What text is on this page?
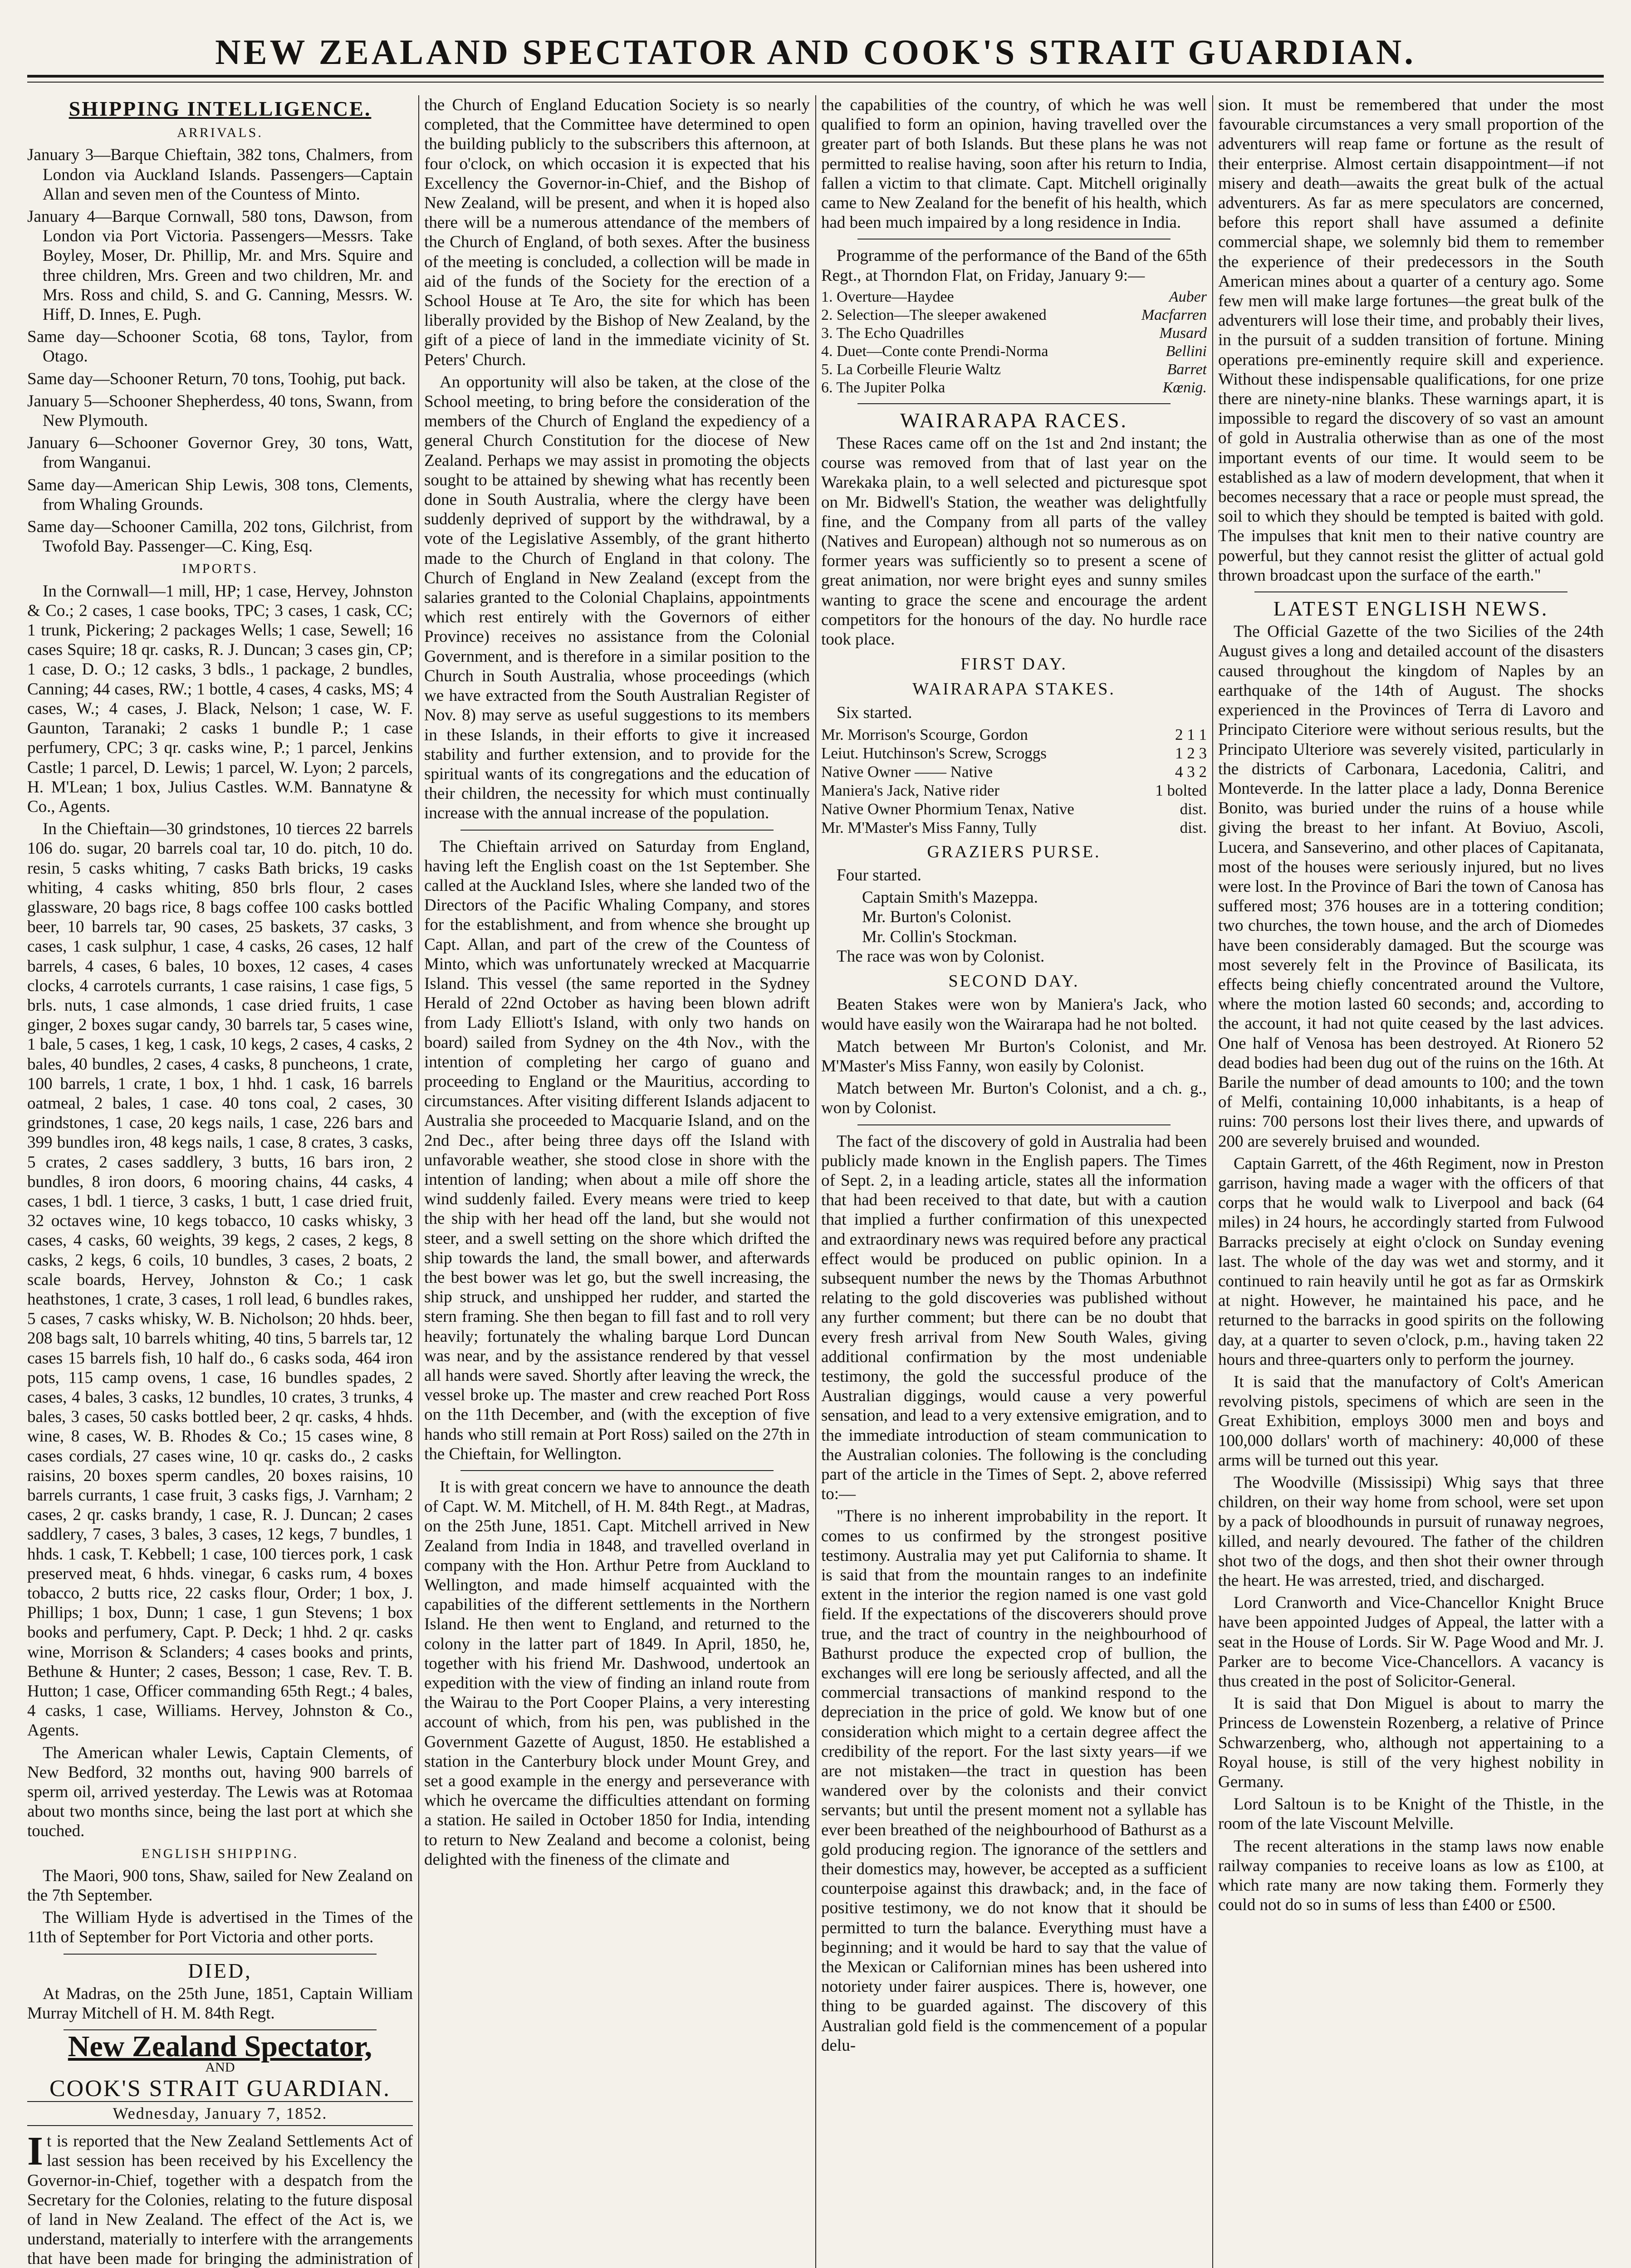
NEW ZEALAND SPECTATOR AND COOK'S STRAIT GUARDIAN.
SHIPPING INTELLIGENCE.
ARRIVALS.

January 3—Barque Chieftain, 382 tons, Chalmers, from London via Auckland Islands. Passengers—Captain Allan and seven men of the Countess of Minto.

January 4—Barque Cornwall, 580 tons, Dawson, from London via Port Victoria. Passengers—Messrs. Take Boyley, Moser, Dr. Phillip, Mr. and Mrs. Squire and three children, Mrs. Green and two children, Mr. and Mrs. Ross and child, S. and G. Canning, Messrs. W. Hiff, D. Innes, E. Pugh.

Same day—Schooner Scotia, 68 tons, Taylor, from Otago.

Same day—Schooner Return, 70 tons, Toohig, put back.

January 5—Schooner Shepherdess, 40 tons, Swann, from New Plymouth.

January 6—Schooner Governor Grey, 30 tons, Watt, from Wanganui.

Same day—American Ship Lewis, 308 tons, Clements, from Whaling Grounds.

Same day—Schooner Camilla, 202 tons, Gilchrist, from Twofold Bay. Passenger—C. King, Esq.

IMPORTS.

In the Cornwall—1 mill, HP; 1 case, Hervey, Johnston & Co.; 2 cases, 1 case books, TPC; 3 cases, 1 cask, CC; 1 trunk, Pickering; 2 packages Wells; 1 case, Sewell; 16 cases Squire; 18 qr. casks, R. J. Duncan; 3 cases gin, CP; 1 case, D. O.; 12 casks, 3 bdls., 1 package, 2 bundles, Canning; 44 cases, RW.; 1 bottle, 4 cases, 4 casks, MS; 4 cases, W.; 4 cases, J. Black, Nelson; 1 case, W. F. Gaunton, Taranaki; 2 casks 1 bundle P.; 1 case perfumery, CPC; 3 qr. casks wine, P.; 1 parcel, Jenkins Castle; 1 parcel, D. Lewis; 1 parcel, W. Lyon; 2 parcels, H. M'Lean; 1 box, Julius Castles. W.M. Bannatyne & Co., Agents.

In the Chieftain—30 grindstones, 10 tierces 22 barrels 106 do. sugar, 20 barrels coal tar, 10 do. pitch, 10 do. resin, 5 casks whiting, 7 casks Bath bricks, 19 casks whiting, 4 casks whiting, 850 brls flour, 2 cases glassware, 20 bags rice, 8 bags coffee 100 casks bottled beer, 10 barrels tar, 90 cases, 25 baskets, 37 casks, 3 cases, 1 cask sulphur, 1 case, 4 casks, 26 cases, 12 half barrels, 4 cases, 6 bales, 10 boxes, 12 cases, 4 cases clocks, 4 carrotels currants, 1 case raisins, 1 case figs, 5 brls. nuts, 1 case almonds, 1 case dried fruits, 1 case ginger, 2 boxes sugar candy, 30 barrels tar, 5 cases wine, 1 bale, 5 cases, 1 keg, 1 cask, 10 kegs, 2 cases, 4 casks, 2 bales, 40 bundles, 2 cases, 4 casks, 8 puncheons, 1 crate, 100 barrels, 1 crate, 1 box, 1 hhd. 1 cask, 16 barrels oatmeal, 2 bales, 1 case. 40 tons coal, 2 cases, 30 grindstones, 1 case, 20 kegs nails, 1 case, 226 bars and 399 bundles iron, 48 kegs nails, 1 case, 8 crates, 3 casks, 5 crates, 2 cases saddlery, 3 butts, 16 bars iron, 2 bundles, 8 iron doors, 6 mooring chains, 44 casks, 4 cases, 1 bdl. 1 tierce, 3 casks, 1 butt, 1 case dried fruit, 32 octaves wine, 10 kegs tobacco, 10 casks whisky, 3 cases, 4 casks, 60 weights, 39 kegs, 2 cases, 2 kegs, 8 casks, 2 kegs, 6 coils, 10 bundles, 3 cases, 2 boats, 2 scale boards, Hervey, Johnston & Co.; 1 cask heathstones, 1 crate, 3 cases, 1 roll lead, 6 bundles rakes, 5 cases, 7 casks whisky, W. B. Nicholson; 20 hhds. beer, 208 bags salt, 10 barrels whiting, 40 tins, 5 barrels tar, 12 cases 15 barrels fish, 10 half do., 6 casks soda, 464 iron pots, 115 camp ovens, 1 case, 16 bundles spades, 2 cases, 4 bales, 3 casks, 12 bundles, 10 crates, 3 trunks, 4 bales, 3 cases, 50 casks bottled beer, 2 qr. casks, 4 hhds. wine, 8 cases, W. B. Rhodes & Co.; 15 cases wine, 8 cases cordials, 27 cases wine, 10 qr. casks do., 2 casks raisins, 20 boxes sperm candles, 20 boxes raisins, 10 barrels currants, 1 case fruit, 3 casks figs, J. Varnham; 2 cases, 2 qr. casks brandy, 1 case, R. J. Duncan; 2 cases saddlery, 7 cases, 3 bales, 3 cases, 12 kegs, 7 bundles, 1 hhds. 1 cask, T. Kebbell; 1 case, 100 tierces pork, 1 cask preserved meat, 6 hhds. vinegar, 6 casks rum, 4 boxes tobacco, 2 butts rice, 22 casks flour, Order; 1 box, J. Phillips; 1 box, Dunn; 1 case, 1 gun Stevens; 1 box books and perfumery, Capt. P. Deck; 1 hhd. 2 qr. casks wine, Morrison & Sclanders; 4 cases books and prints, Bethune & Hunter; 2 cases, Besson; 1 case, Rev. T. B. Hutton; 1 case, Officer commanding 65th Regt.; 4 bales, 4 casks, 1 case, Williams. Hervey, Johnston & Co., Agents.

The American whaler Lewis, Captain Clements, of New Bedford, 32 months out, having 900 barrels of sperm oil, arrived yesterday. The Lewis was at Rotomaa about two months since, being the last port at which she touched.

ENGLISH SHIPPING.

The Maori, 900 tons, Shaw, sailed for New Zealand on the 7th September.

The William Hyde is advertised in the Times of the 11th of September for Port Victoria and other ports.

DIED,

At Madras, on the 25th June, 1851, Captain William Murray Mitchell of H. M. 84th Regt.

New Zealand Spectator,
AND
COOK'S STRAIT GUARDIAN.
Wednesday, January 7, 1852.

It is reported that the New Zealand Settlements Act of last session has been received by his Excellency the Governor-in-Chief, together with a despatch from the Secretary for the Colonies, relating to the future disposal of land in New Zealand. The effect of the Act is, we understand, materially to interfere with the arrangements that have been made for bringing the administration of

the Church of England Education Society is so nearly completed, that the Committee have determined to open the building publicly to the subscribers this afternoon, at four o'clock, on which occasion it is expected that his Excellency the Governor-in-Chief, and the Bishop of New Zealand, will be present, and when it is hoped also there will be a numerous attendance of the members of the Church of England, of both sexes. After the business of the meeting is concluded, a collection will be made in aid of the funds of the Society for the erection of a School House at Te Aro, the site for which has been liberally provided by the Bishop of New Zealand, by the gift of a piece of land in the immediate vicinity of St. Peters' Church.

An opportunity will also be taken, at the close of the School meeting, to bring before the consideration of the members of the Church of England the expediency of a general Church Constitution for the diocese of New Zealand. Perhaps we may assist in promoting the objects sought to be attained by shewing what has recently been done in South Australia, where the clergy have been suddenly deprived of support by the withdrawal, by a vote of the Legislative Assembly, of the grant hitherto made to the Church of England in that colony. The Church of England in New Zealand (except from the salaries granted to the Colonial Chaplains, appointments which rest entirely with the Governors of either Province) receives no assistance from the Colonial Government, and is therefore in a similar position to the Church in South Australia, whose proceedings (which we have extracted from the South Australian Register of Nov. 8) may serve as useful suggestions to its members in these Islands, in their efforts to give it increased stability and further extension, and to provide for the spiritual wants of its congregations and the education of their children, the necessity for which must continually increase with the annual increase of the population.

The Chieftain arrived on Saturday from England, having left the English coast on the 1st September. She called at the Auckland Isles, where she landed two of the Directors of the Pacific Whaling Company, and stores for the establishment, and from whence she brought up Capt. Allan, and part of the crew of the Countess of Minto, which was unfortunately wrecked at Macquarrie Island. This vessel (the same reported in the Sydney Herald of 22nd October as having been blown adrift from Lady Elliott's Island, with only two hands on board) sailed from Sydney on the 4th Nov., with the intention of completing her cargo of guano and proceeding to England or the Mauritius, according to circumstances. After visiting different Islands adjacent to Australia she proceeded to Macquarie Island, and on the 2nd Dec., after being three days off the Island with unfavorable weather, she stood close in shore with the intention of landing; when about a mile off shore the wind suddenly failed. Every means were tried to keep the ship with her head off the land, but she would not steer, and a swell setting on the shore which drifted the ship towards the land, the small bower, and afterwards the best bower was let go, but the swell increasing, the ship struck, and unshipped her rudder, and started the stern framing. She then began to fill fast and to roll very heavily; fortunately the whaling barque Lord Duncan was near, and by the assistance rendered by that vessel all hands were saved. Shortly after leaving the wreck, the vessel broke up. The master and crew reached Port Ross on the 11th December, and (with the exception of five hands who still remain at Port Ross) sailed on the 27th in the Chieftain, for Wellington.

It is with great concern we have to announce the death of Capt. W. M. Mitchell, of H. M. 84th Regt., at Madras, on the 25th June, 1851. Capt. Mitchell arrived in New Zealand from India in 1848, and travelled overland in company with the Hon. Arthur Petre from Auckland to Wellington, and made himself acquainted with the capabilities of the different settlements in the Northern Island. He then went to England, and returned to the colony in the latter part of 1849. In April, 1850, he, together with his friend Mr. Dashwood, undertook an expedition with the view of finding an inland route from the Wairau to the Port Cooper Plains, a very interesting account of which, from his pen, was published in the Government Gazette of August, 1850. He established a station in the Canterbury block under Mount Grey, and set a good example in the energy and perseverance with which he overcame the difficulties attendant on forming a station. He sailed in October 1850 for India, intending to return to New Zealand and become a colonist, being delighted with the fineness of the climate and

the capabilities of the country, of which he was well qualified to form an opinion, having travelled over the greater part of both Islands. But these plans he was not permitted to realise having, soon after his return to India, fallen a victim to that climate. Capt. Mitchell originally came to New Zealand for the benefit of his health, which had been much impaired by a long residence in India.

Programme of the performance of the Band of the 65th Regt., at Thorndon Flat, on Friday, January 9:—

1. Overture—Haydee	Auber
2. Selection—The sleeper awakened	Macfarren
3. The Echo Quadrilles	Musard
4. Duet—Conte conte Prendi-Norma	Bellini
5. La Corbeille Fleurie Waltz	Barret
6. The Jupiter Polka	Kœnig.
WAIRARAPA RACES.

These Races came off on the 1st and 2nd instant; the course was removed from that of last year on the Warekaka plain, to a well selected and picturesque spot on Mr. Bidwell's Station, the weather was delightfully fine, and the Company from all parts of the valley (Natives and European) although not so numerous as on former years was sufficiently so to present a scene of great animation, nor were bright eyes and sunny smiles wanting to grace the scene and encourage the ardent competitors for the honours of the day. No hurdle race took place.

FIRST DAY.
WAIRARAPA STAKES.

Six started.

Mr. Morrison's Scourge, Gordon	2 1 1
Leiut. Hutchinson's Screw, Scroggs	1 2 3
Native Owner —— Native	4 3 2
Maniera's Jack, Native rider	1 bolted
Native Owner Phormium Tenax, Native	dist.
Mr. M'Master's Miss Fanny, Tully	dist.
GRAZIERS PURSE.

Four started.

Captain Smith's Mazeppa.

Mr. Burton's Colonist.

Mr. Collin's Stockman.

The race was won by Colonist.

SECOND DAY.

Beaten Stakes were won by Maniera's Jack, who would have easily won the Wairarapa had he not bolted.

Match between Mr Burton's Colonist, and Mr. M'Master's Miss Fanny, won easily by Colonist.

Match between Mr. Burton's Colonist, and a ch. g., won by Colonist.

The fact of the discovery of gold in Australia had been publicly made known in the English papers. The Times of Sept. 2, in a leading article, states all the information that had been received to that date, but with a caution that implied a further confirmation of this unexpected and extraordinary news was required before any practical effect would be produced on public opinion. In a subsequent number the news by the Thomas Arbuthnot relating to the gold discoveries was published without any further comment; but there can be no doubt that every fresh arrival from New South Wales, giving additional confirmation by the most undeniable testimony, the gold the successful produce of the Australian diggings, would cause a very powerful sensation, and lead to a very extensive emigration, and to the immediate introduction of steam communication to the Australian colonies. The following is the concluding part of the article in the Times of Sept. 2, above referred to:—

"There is no inherent improbability in the report. It comes to us confirmed by the strongest positive testimony. Australia may yet put California to shame. It is said that from the mountain ranges to an indefinite extent in the interior the region named is one vast gold field. If the expectations of the discoverers should prove true, and the tract of country in the neighbourhood of Bathurst produce the expected crop of bullion, the exchanges will ere long be seriously affected, and all the commercial transactions of mankind respond to the depreciation in the price of gold. We know but of one consideration which might to a certain degree affect the credibility of the report. For the last sixty years—if we are not mistaken—the tract in question has been wandered over by the colonists and their convict servants; but until the present moment not a syllable has ever been breathed of the neighbourhood of Bathurst as a gold producing region. The ignorance of the settlers and their domestics may, however, be accepted as a sufficient counterpoise against this drawback; and, in the face of positive testimony, we do not know that it should be permitted to turn the balance. Everything must have a beginning; and it would be hard to say that the value of the Mexican or Californian mines has been ushered into notoriety under fairer auspices. There is, however, one thing to be guarded against. The discovery of this Australian gold field is the commencement of a popular delu-

sion. It must be remembered that under the most favourable circumstances a very small proportion of the adventurers will reap fame or fortune as the result of their enterprise. Almost certain disappointment—if not misery and death—awaits the great bulk of the actual adventurers. As far as mere speculators are concerned, before this report shall have assumed a definite commercial shape, we solemnly bid them to remember the experience of their predecessors in the South American mines about a quarter of a century ago. Some few men will make large fortunes—the great bulk of the adventurers will lose their time, and probably their lives, in the pursuit of a sudden transition of fortune. Mining operations pre-eminently require skill and experience. Without these indispensable qualifications, for one prize there are ninety-nine blanks. These warnings apart, it is impossible to regard the discovery of so vast an amount of gold in Australia otherwise than as one of the most important events of our time. It would seem to be established as a law of modern development, that when it becomes necessary that a race or people must spread, the soil to which they should be tempted is baited with gold. The impulses that knit men to their native country are powerful, but they cannot resist the glitter of actual gold thrown broadcast upon the surface of the earth."

LATEST ENGLISH NEWS.

The Official Gazette of the two Sicilies of the 24th August gives a long and detailed account of the disasters caused throughout the kingdom of Naples by an earthquake of the 14th of August. The shocks experienced in the Provinces of Terra di Lavoro and Principato Citeriore were without serious results, but the Principato Ulteriore was severely visited, particularly in the districts of Carbonara, Lacedonia, Calitri, and Monteverde. In the latter place a lady, Donna Berenice Bonito, was buried under the ruins of a house while giving the breast to her infant. At Boviuo, Ascoli, Lucera, and Sanseverino, and other places of Capitanata, most of the houses were seriously injured, but no lives were lost. In the Province of Bari the town of Canosa has suffered most; 376 houses are in a tottering condition; two churches, the town house, and the arch of Diomedes have been considerably damaged. But the scourge was most severely felt in the Province of Basilicata, its effects being chiefly concentrated around the Vultore, where the motion lasted 60 seconds; and, according to the account, it had not quite ceased by the last advices. One half of Venosa has been destroyed. At Rionero 52 dead bodies had been dug out of the ruins on the 16th. At Barile the number of dead amounts to 100; and the town of Melfi, containing 10,000 inhabitants, is a heap of ruins: 700 persons lost their lives there, and upwards of 200 are severely bruised and wounded.

Captain Garrett, of the 46th Regiment, now in Preston garrison, having made a wager with the officers of that corps that he would walk to Liverpool and back (64 miles) in 24 hours, he accordingly started from Fulwood Barracks precisely at eight o'clock on Sunday evening last. The whole of the day was wet and stormy, and it continued to rain heavily until he got as far as Ormskirk at night. However, he maintained his pace, and he returned to the barracks in good spirits on the following day, at a quarter to seven o'clock, p.m., having taken 22 hours and three-quarters only to perform the journey.

It is said that the manufactory of Colt's American revolving pistols, specimens of which are seen in the Great Exhibition, employs 3000 men and boys and 100,000 dollars' worth of machinery: 40,000 of these arms will be turned out this year.

The Woodville (Mississipi) Whig says that three children, on their way home from school, were set upon by a pack of bloodhounds in pursuit of runaway negroes, killed, and nearly devoured. The father of the children shot two of the dogs, and then shot their owner through the heart. He was arrested, tried, and discharged.

Lord Cranworth and Vice-Chancellor Knight Bruce have been appointed Judges of Appeal, the latter with a seat in the House of Lords. Sir W. Page Wood and Mr. J. Parker are to become Vice-Chancellors. A vacancy is thus created in the post of Solicitor-General.

It is said that Don Miguel is about to marry the Princess de Lowenstein Rozenberg, a relative of Prince Schwarzenberg, who, although not appertaining to a Royal house, is still of the very highest nobility in Germany.

Lord Saltoun is to be Knight of the Thistle, in the room of the late Viscount Melville.

The recent alterations in the stamp laws now enable railway companies to receive loans as low as £100, at which rate many are now taking them. Formerly they could not do so in sums of less than £400 or £500.
